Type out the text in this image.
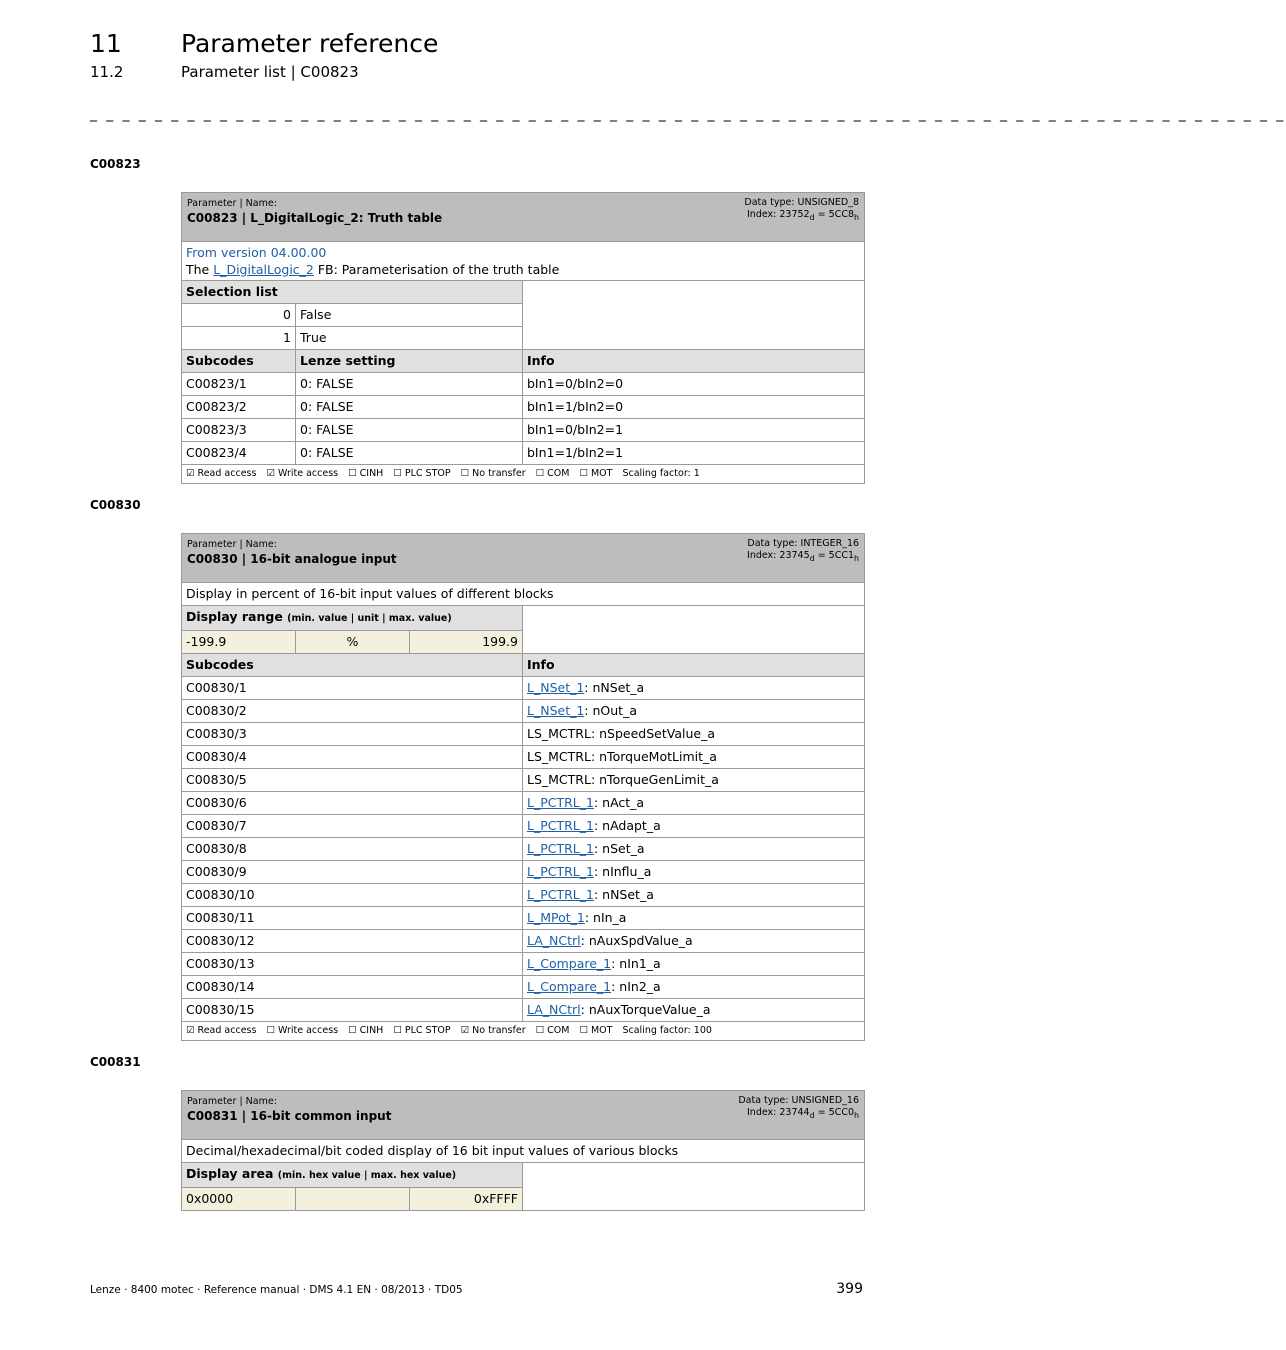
11 Parameter reference
11.2	Parameter list | C00823
_ _ _ _ _ _ _ _ _ _ _ _ _ _ _ _ _ _ _ _ _ _ _ _ _ _ _ _ _ _ _ _ _ _ _ _ _ _ _ _ _ _ _ _ _ _ _ _ _ _ _ _ _ _ _ _ _ _ _ _ _ _ _ _ _ _ _ _ _ _ _ _ _ _
C00823
Data type: UNSIGNED_8
Index: $23752_d = 5CC8_h$
Parameter | Name:
C00823 | L_DigitalLogic_2: Truth table		

From version 04.00.00
The L_DigitalLogic_2 FB: Parameterisation of the truth table		

Selection list		
0	False	
1	True	
Subcodes	Lenze setting	Info
C00823/1	0: FALSE	bIn1=0/bIn2=0
C00823/2	0: FALSE	bIn1=1/bIn2=0
C00823/3	0: FALSE	bIn1=0/bIn2=1
C00823/4	0: FALSE	bIn1=1/bIn2=1
☑ Read access ☑ Write access ☐ CINH ☐ PLC STOP ☐ No transfer ☐ COM ☐ MOT Scaling factor: 1		
C00830
Data type: INTEGER_16
Index: $23745_d = 5CC1_h$
Parameter | Name:
C00830 | 16-bit analogue input			

Display in percent of 16-bit input values of different blocks			
Display range (min. value | unit | max. value)			
-199.9	%	199.9	
Subcodes			Info
C00830/1			L_NSet_1: nNSet_a
C00830/2			L_NSet_1: nOut_a
C00830/3			LS_MCTRL: nSpeedSetValue_a
C00830/4			LS_MCTRL: nTorqueMotLimit_a
C00830/5			LS_MCTRL: nTorqueGenLimit_a
C00830/6			L_PCTRL_1: nAct_a
C00830/7			L_PCTRL_1: nAdapt_a
C00830/8			L_PCTRL_1: nSet_a
C00830/9			L_PCTRL_1: nInflu_a
C00830/10			L_PCTRL_1: nNSet_a
C00830/11			L_MPot_1: nIn_a
C00830/12			LA_NCtrl: nAuxSpdValue_a
C00830/13			L_Compare_1: nIn1_a
C00830/14			L_Compare_1: nIn2_a
C00830/15			LA_NCtrl: nAuxTorqueValue_a
☑ Read access ☐ Write access ☐ CINH ☐ PLC STOP ☑ No transfer ☐ COM ☐ MOT Scaling factor: 100			
C00831
Data type: UNSIGNED_16
Index: $23744_d = 5CC0_h$
Parameter | Name:
C00831 | 16-bit common input			

Decimal/hexadecimal/bit coded display of 16 bit input values of various blocks			
Display area (min. hex value | max. hex value)			
0x0000		0xFFFF	
Lenze · 8400 motec · Reference manual · DMS 4.1 EN · 08/2013 · TD05	399
